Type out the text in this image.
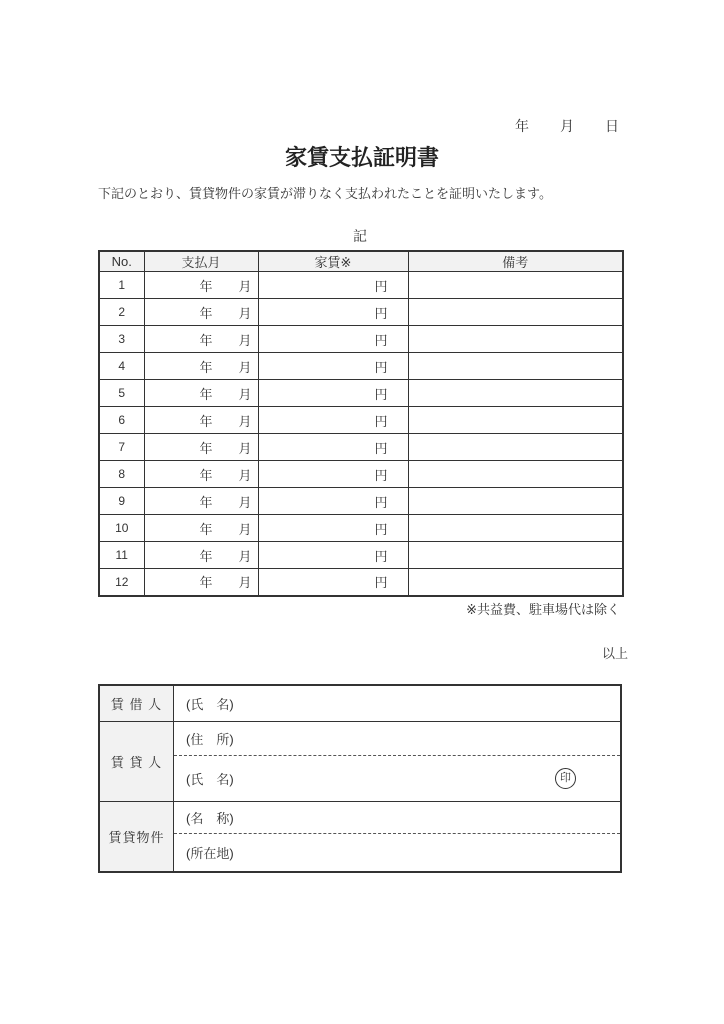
年　　月　　日
家賃支払証明書

下記のとおり、賃貸物件の家賃が滞りなく支払われたことを証明いたします。

記
No.	支払月	家賃※	備考
1	年　　月	円	
2	年　　月	円	
3	年　　月	円	
4	年　　月	円	
5	年　　月	円	
6	年　　月	円	
7	年　　月	円	
8	年　　月	円	
9	年　　月	円	
10	年　　月	円	
11	年　　月	円	
12	年　　月	円	
※共益費、駐車場代は除く
以上
賃 借 人	(氏　名)
賃 貸 人
(住　所)
(氏　名)	印
賃貸物件
(名　称)
(所在地)
